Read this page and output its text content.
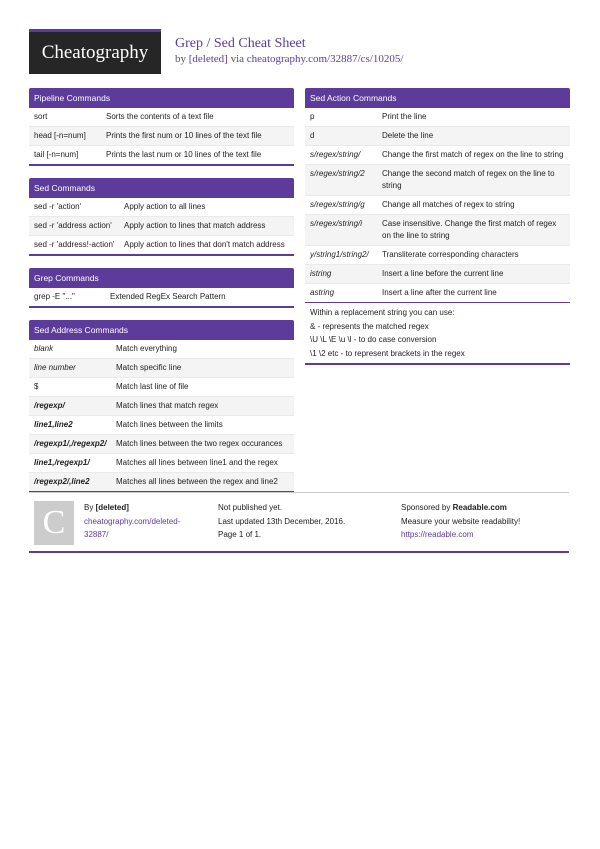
Cheatography	Grep / Sed Cheat Sheet
by [deleted] via cheatography.com/32887/cs/10205/
Pipeline Commands
sort	Sorts the contents of a text file
head [-n=num]	Prints the first num or 10 lines of the text file
tail [-n=num]	Prints the last num or 10 lines of the text file
Sed Commands
sed -r 'action'	Apply action to all lines
sed -r 'address action'	Apply action to lines that match address
sed -r 'address!-action'	Apply action to lines that don't match address
Grep Commands
grep -E "..."	Extended RegEx Search Pattern
Sed Address Commands
blank	Match everything
line number	Match specific line
$	Match last line of file
/regexp/	Match lines that match regex
line1,line2	Match lines between the limits
/regexp1/,/regexp2/	Match lines between the two regex occurances
line1,/regexp1/	Matches all lines between line1 and the regex
/regexp2/,line2	Matches all lines between the regex and line2
Sed Action Commands
p	Print the line
d	Delete the line
s/regex/string/	Change the first match of regex on the line to string
s/regex/string/2	Change the second match of regex on the line to string
s/regex/string/g	Change all matches of regex to string
s/regex/string/i	Case insensitive. Change the first match of regex on the line to string
y/string1/string2/	Transliterate corresponding characters
istring	Insert a line before the current line
astring	Insert a line after the current line
Within a replacement string you can use:
& - represents the matched regex
\U \L \E \u \l - to do case conversion
\1 \2 etc - to represent brackets in the regex
C	By [deleted]
cheatography.com/deleted-
32887/
Not published yet.
Last updated 13th December, 2016.
Page 1 of 1.
Sponsored by Readable.com
Measure your website readability!
https://readable.com
